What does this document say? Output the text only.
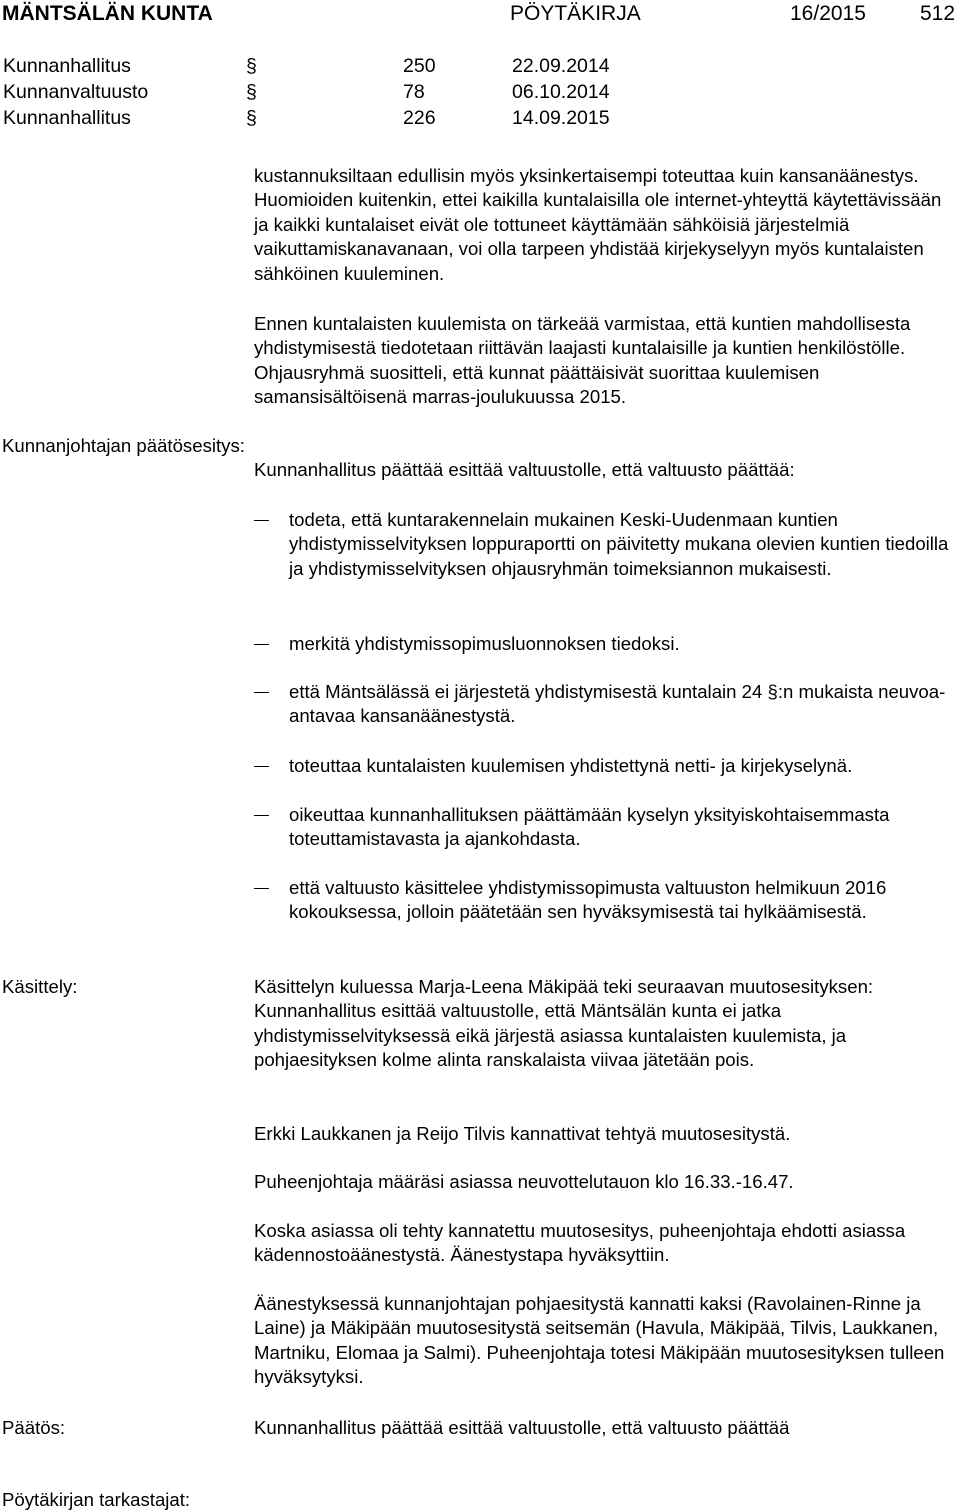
MÄNTSÄLÄN KUNTA	PÖYTÄKIRJA	16/2015	512
Kunnanhallitus	§	250	22.09.2014
Kunnanvaltuusto	§	78	06.10.2014
Kunnanhallitus	§	226	14.09.2015
kustannuksiltaan edullisin myös yksinkertaisempi toteuttaa kuin kansanäänestys. Huomioiden kuitenkin, ettei kaikilla kuntalaisilla ole internet-yhteyttä käytettävissään ja kaikki kuntalaiset eivät ole tottuneet käyttämään sähköisiä järjestelmiä vaikuttamiskanavanaan, voi olla tarpeen yhdistää kirjekyselyyn myös kuntalaisten sähköinen kuuleminen.
Ennen kuntalaisten kuulemista on tärkeää varmistaa, että kuntien mahdollisesta yhdistymisestä tiedotetaan riittävän laajasti kuntalaisille ja kuntien henkilöstölle. Ohjausryhmä suositteli, että kunnat päättäisivät suorittaa kuulemisen samansisältöisenä marras-joulukuussa 2015.
Kunnanjohtajan päätösesitys:
Kunnanhallitus päättää esittää valtuustolle, että valtuusto päättää:
todeta, että kuntarakennelain mukainen Keski-Uudenmaan kuntien yhdistymisselvityksen loppuraportti on päivitetty mukana olevien kuntien tiedoilla ja yhdistymisselvityksen ohjausryhmän toimeksiannon mukaisesti.
merkitä yhdistymissopimusluonnoksen tiedoksi.
että Mäntsälässä ei järjestetä yhdistymisestä kuntalain 24 §:n mukaista neuvoa-antavaa kansanäänestystä.
toteuttaa kuntalaisten kuulemisen yhdistettynä netti- ja kirjekyselynä.
oikeuttaa kunnanhallituksen päättämään kyselyn yksityiskohtaisemmasta toteuttamistavasta ja ajankohdasta.
että valtuusto käsittelee yhdistymissopimusta valtuuston helmikuun 2016 kokouksessa, jolloin päätetään sen hyväksymisestä tai hylkäämisestä.
Käsittely:	Käsittelyn kuluessa Marja-Leena Mäkipää teki seuraavan muutosesityksen: Kunnanhallitus esittää valtuustolle, että Mäntsälän kunta ei jatka yhdistymisselvityksessä eikä järjestä asiassa kuntalaisten kuulemista, ja pohjaesityksen kolme alinta ranskalaista viivaa jätetään pois.
Erkki Laukkanen ja Reijo Tilvis kannattivat tehtyä muutosesitystä.
Puheenjohtaja määräsi asiassa neuvottelutauon klo 16.33.-16.47.
Koska asiassa oli tehty kannatettu muutosesitys, puheenjohtaja ehdotti asiassa kädennostoäänestystä. Äänestystapa hyväksyttiin.
Äänestyksessä kunnanjohtajan pohjaesitystä kannatti kaksi (Ravolainen-Rinne ja Laine) ja Mäkipään muutosesitystä seitsemän (Havula, Mäkipää, Tilvis, Laukkanen, Martniku, Elomaa ja Salmi). Puheenjohtaja totesi Mäkipään muutosesityksen tulleen hyväksytyksi.
Päätös:	Kunnanhallitus päättää esittää valtuustolle, että valtuusto päättää
Pöytäkirjan tarkastajat:
